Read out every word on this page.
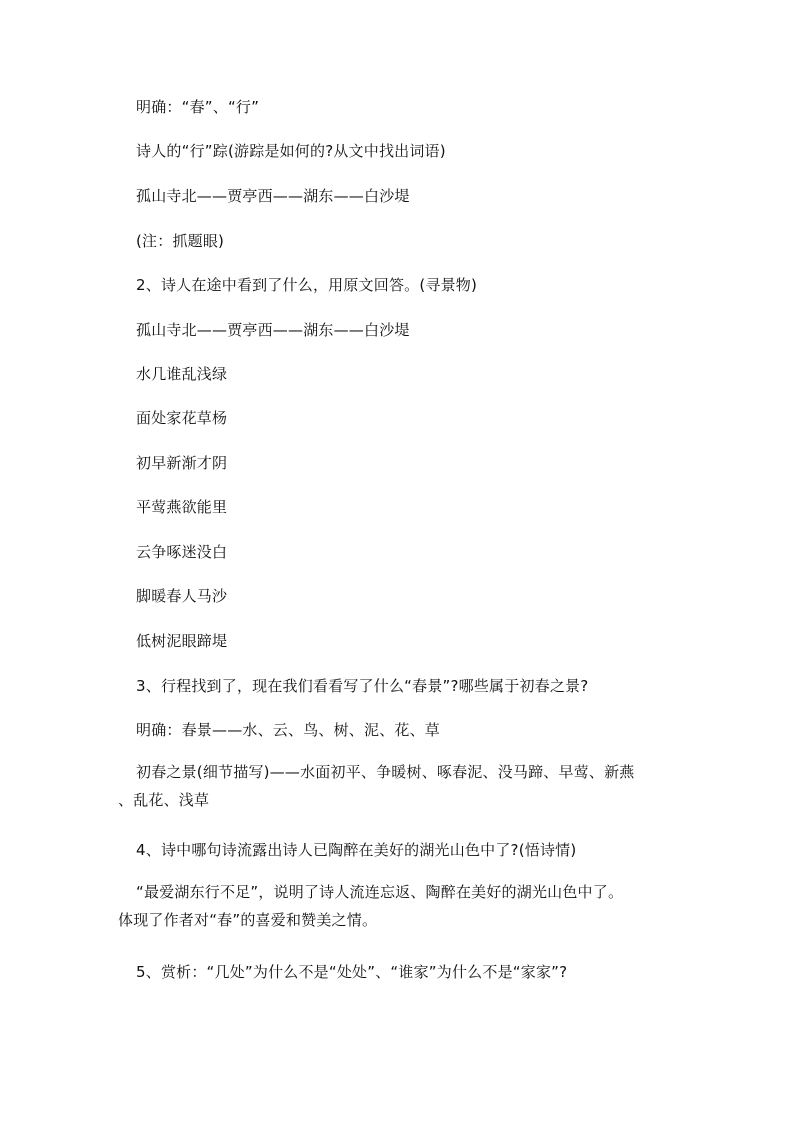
明确：“春”、“行”
诗人的“行”踪(游踪是如何的?从文中找出词语)
孤山寺北——贾亭西——湖东——白沙堤
(注：抓题眼)
2、诗人在途中看到了什么，用原文回答。(寻景物)
孤山寺北——贾亭西——湖东——白沙堤
水几谁乱浅绿
面处家花草杨
初早新渐才阴
平莺燕欲能里
云争啄迷没白
脚暖春人马沙
低树泥眼蹄堤
3、行程找到了，现在我们看看写了什么“春景”?哪些属于初春之景?
明确：春景——水、云、鸟、树、泥、花、草
初春之景(细节描写)——水面初平、争暖树、啄春泥、没马蹄、早莺、新燕
、乱花、浅草
4、诗中哪句诗流露出诗人已陶醉在美好的湖光山色中了?(悟诗情)
“最爱湖东行不足”，说明了诗人流连忘返、陶醉在美好的湖光山色中了。
体现了作者对“春”的喜爱和赞美之情。
5、赏析：“几处”为什么不是“处处”、“谁家”为什么不是“家家”?
